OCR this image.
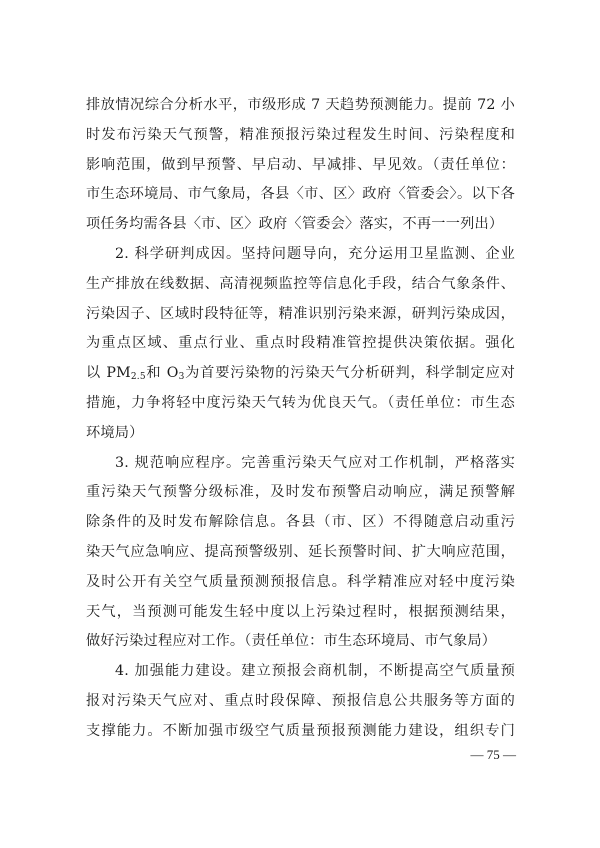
排放情况综合分析水平，市级形成 7 天趋势预测能力。提前 72 小
时发布污染天气预警，精准预报污染过程发生时间、污染程度和
影响范围，做到早预警、早启动、早减排、早见效。（责任单位：
市生态环境局、市气象局，各县〈市、区〉政府〈管委会〉。以下各
项任务均需各县〈市、区〉政府〈管委会〉落实，不再一一列出）
2. 科学研判成因。坚持问题导向，充分运用卫星监测、企业
生产排放在线数据、高清视频监控等信息化手段，结合气象条件、
污染因子、区域时段特征等，精准识别污染来源，研判污染成因，
为重点区域、重点行业、重点时段精准管控提供决策依据。强化
以 $PM_{2.5}$和 $O_3$为首要污染物的污染天气分析研判，科学制定应对
措施，力争将轻中度污染天气转为优良天气。（责任单位：市生态
环境局）
3. 规范响应程序。完善重污染天气应对工作机制，严格落实
重污染天气预警分级标准，及时发布预警启动响应，满足预警解
除条件的及时发布解除信息。各县（市、区）不得随意启动重污
染天气应急响应、提高预警级别、延长预警时间、扩大响应范围，
及时公开有关空气质量预测预报信息。科学精准应对轻中度污染
天气，当预测可能发生轻中度以上污染过程时，根据预测结果，
做好污染过程应对工作。（责任单位：市生态环境局、市气象局）
4. 加强能力建设。建立预报会商机制，不断提高空气质量预
报对污染天气应对、重点时段保障、预报信息公共服务等方面的
支撑能力。不断加强市级空气质量预报预测能力建设，组织专门
— 75 —
